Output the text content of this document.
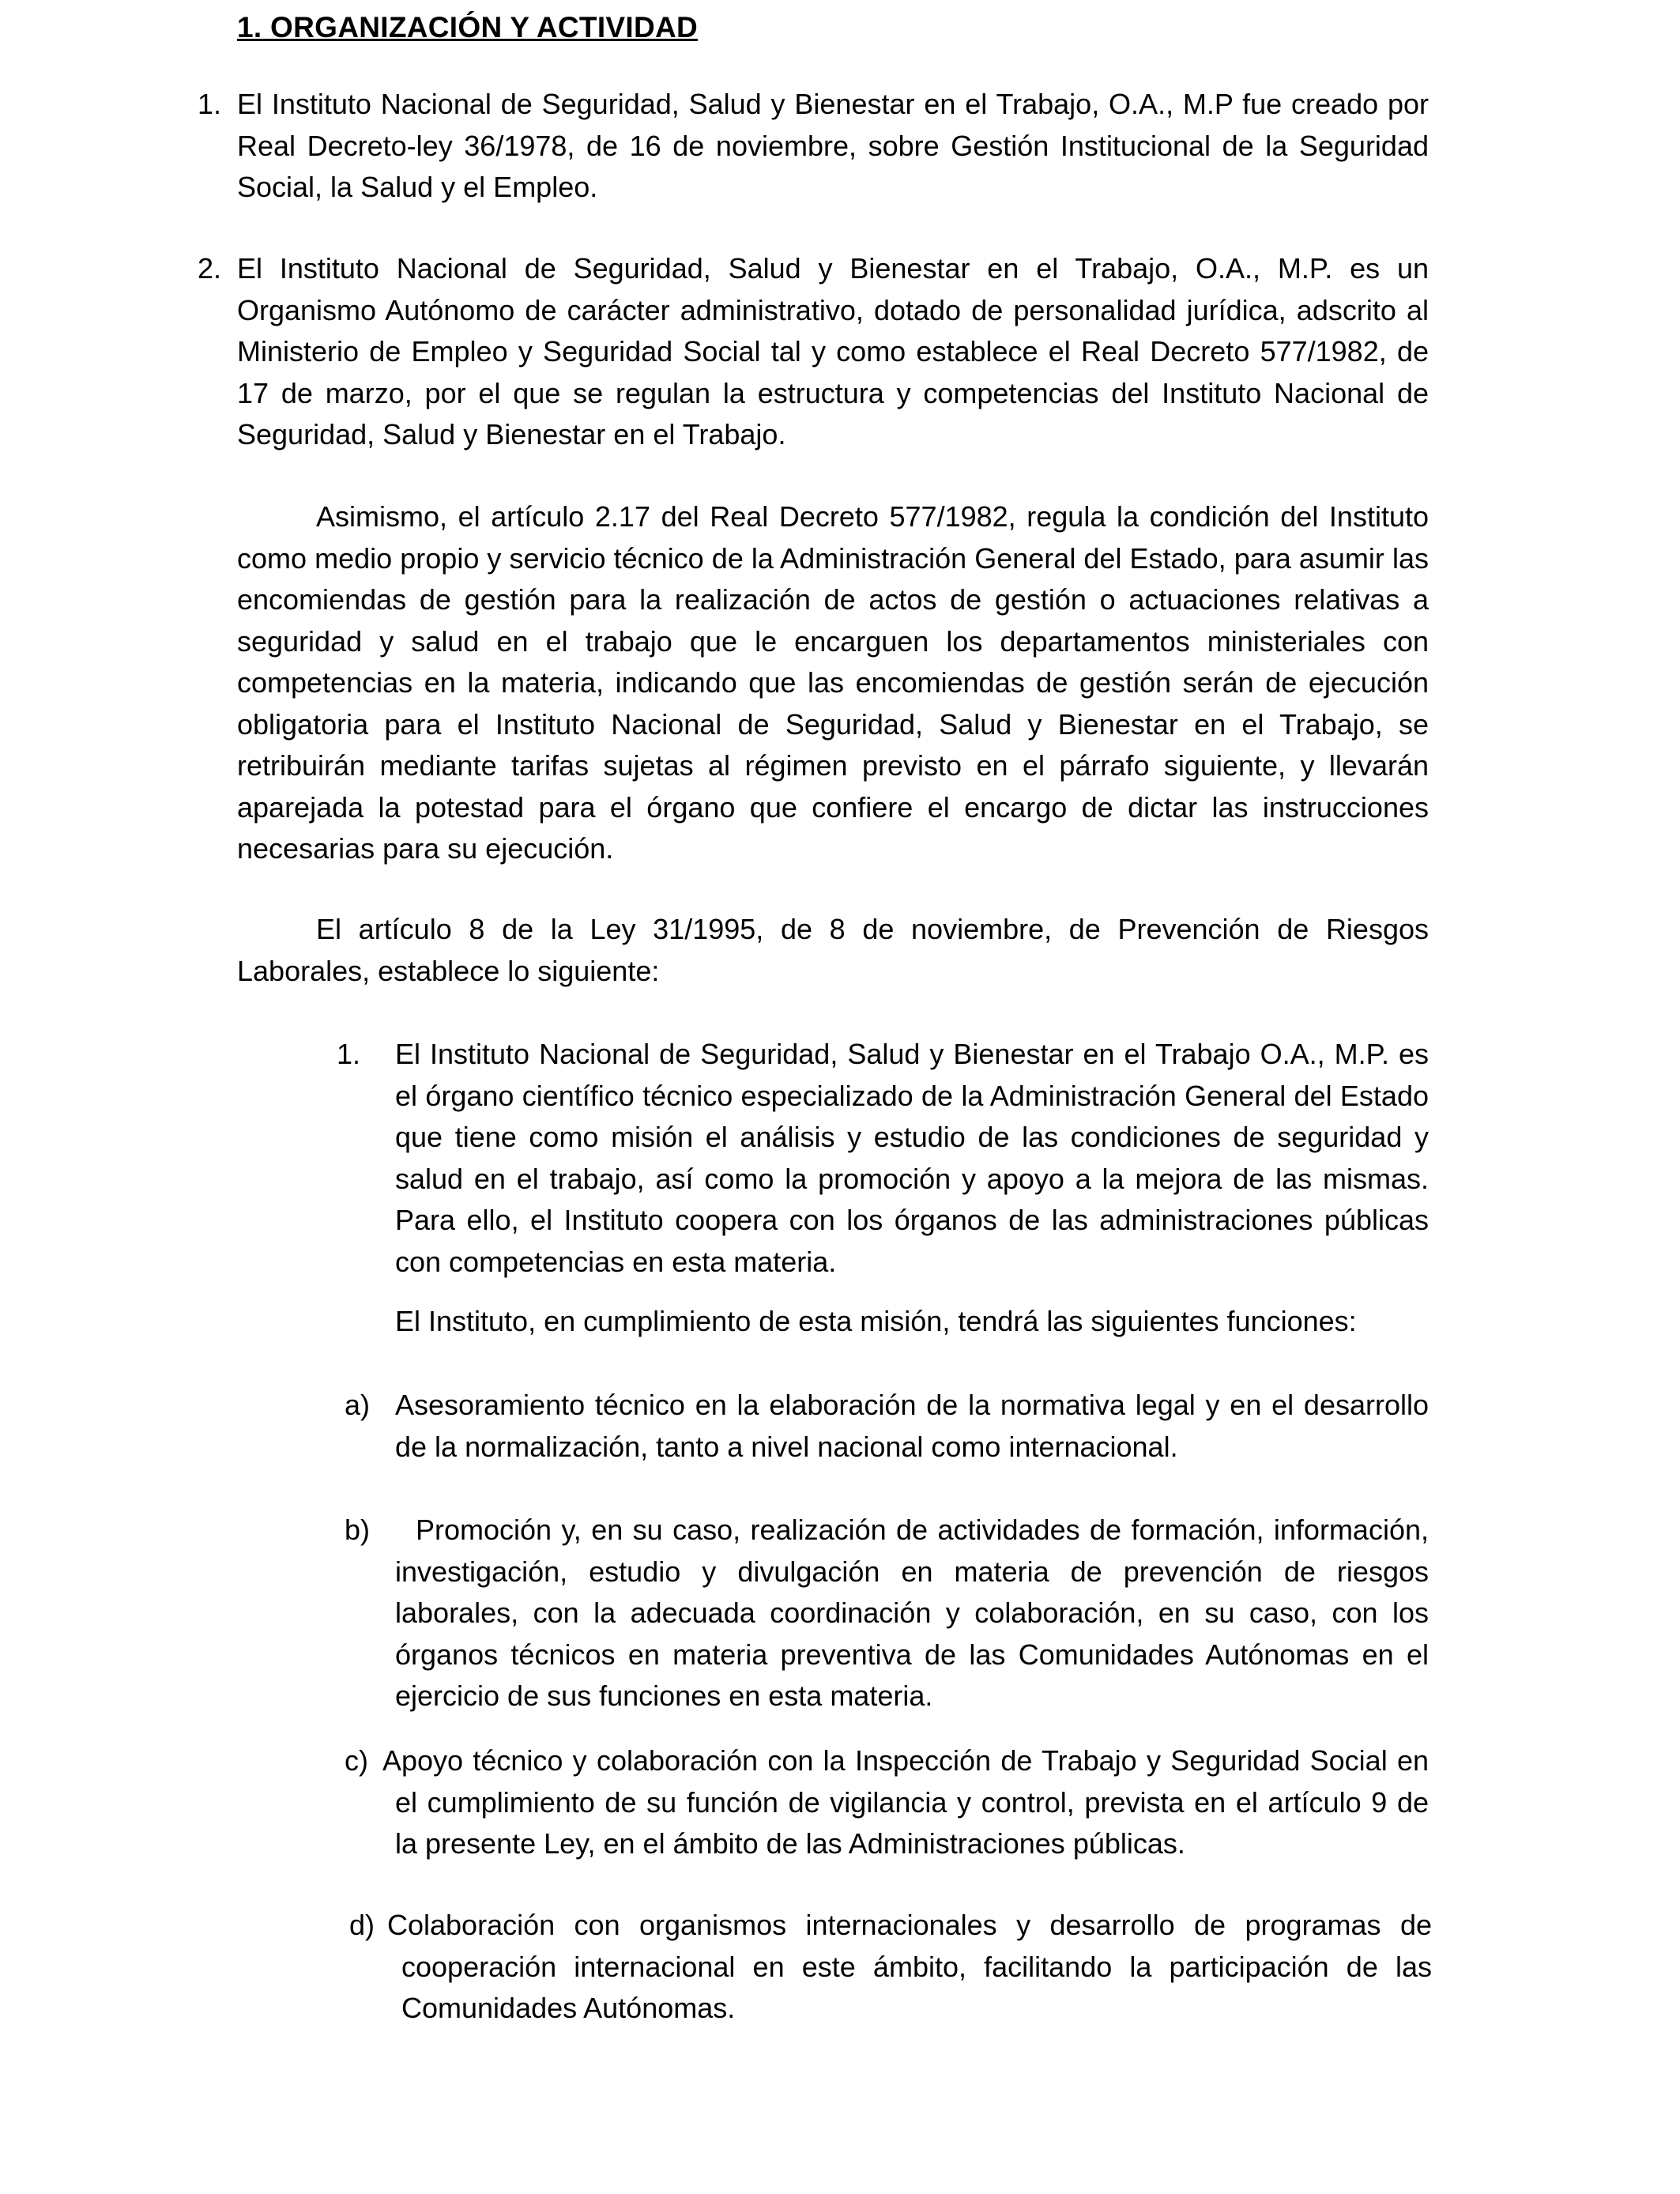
1. ORGANIZACIÓN Y ACTIVIDAD
1. El Instituto Nacional de Seguridad, Salud y Bienestar en el Trabajo, O.A., M.P fue creado por Real Decreto-ley 36/1978, de 16 de noviembre, sobre Gestión Institucional de la Seguridad Social, la Salud y el Empleo.

2. El Instituto Nacional de Seguridad, Salud y Bienestar en el Trabajo, O.A., M.P. es un Organismo Autónomo de carácter administrativo, dotado de personalidad jurídica, adscrito al Ministerio de Empleo y Seguridad Social tal y como establece el Real Decreto 577/1982, de 17 de marzo, por el que se regulan la estructura y competencias del Instituto Nacional de Seguridad, Salud y Bienestar en el Trabajo.

Asimismo, el artículo 2.17 del Real Decreto 577/1982, regula la condición del Instituto como medio propio y servicio técnico de la Administración General del Estado, para asumir las encomiendas de gestión para la realización de actos de gestión o actuaciones relativas a seguridad y salud en el trabajo que le encarguen los departamentos ministeriales con competencias en la materia, indicando que las encomiendas de gestión serán de ejecución obligatoria para el Instituto Nacional de Seguridad, Salud y Bienestar en el Trabajo, se retribuirán mediante tarifas sujetas al régimen previsto en el párrafo siguiente, y llevarán aparejada la potestad para el órgano que confiere el encargo de dictar las instrucciones necesarias para su ejecución.

El artículo 8 de la Ley 31/1995, de 8 de noviembre, de Prevención de Riesgos Laborales, establece lo siguiente:

1. El Instituto Nacional de Seguridad, Salud y Bienestar en el Trabajo O.A., M.P. es el órgano científico técnico especializado de la Administración General del Estado que tiene como misión el análisis y estudio de las condiciones de seguridad y salud en el trabajo, así como la promoción y apoyo a la mejora de las mismas. Para ello, el Instituto coopera con los órganos de las administraciones públicas con competencias en esta materia.

El Instituto, en cumplimiento de esta misión, tendrá las siguientes funciones:

a) Asesoramiento técnico en la elaboración de la normativa legal y en el desarrollo de la normalización, tanto a nivel nacional como internacional.

b)	Promoción y, en su caso, realización de actividades de formación, información, investigación, estudio y divulgación en materia de prevención de riesgos laborales, con la adecuada coordinación y colaboración, en su caso, con los órganos técnicos en materia preventiva de las Comunidades Autónomas en el ejercicio de sus funciones en esta materia.

c) Apoyo técnico y colaboración con la Inspección de Trabajo y Seguridad Social en el cumplimiento de su función de vigilancia y control, prevista en el artículo 9 de la presente Ley, en el ámbito de las Administraciones públicas.

d) Colaboración con organismos internacionales y desarrollo de programas de cooperación internacional en este ámbito, facilitando la participación de las Comunidades Autónomas.
